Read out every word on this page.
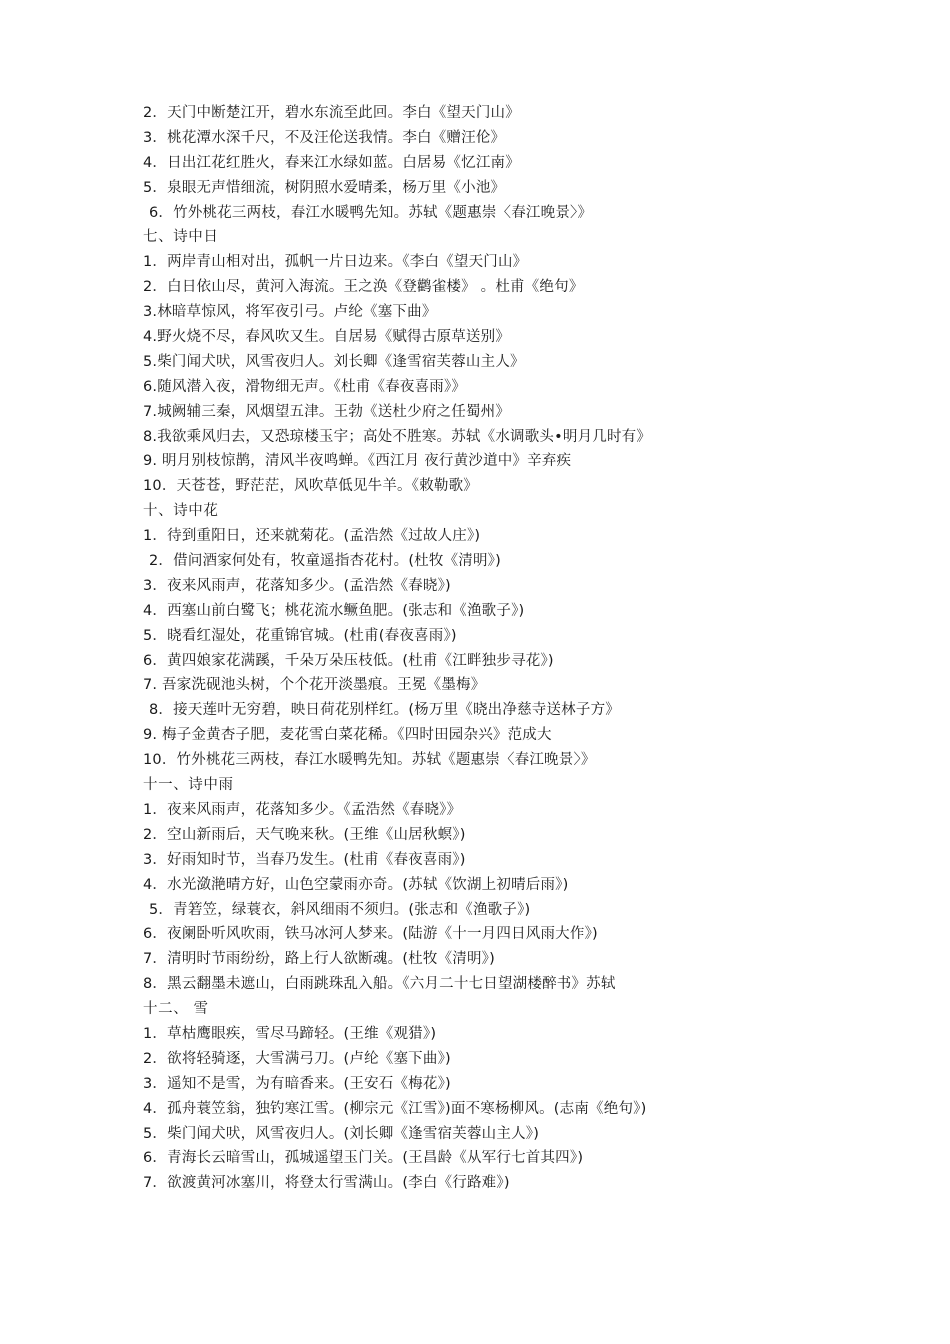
2．天门中断楚江开，碧水东流至此回。李白《望天门山》
3．桃花潭水深千尺，不及汪伦送我情。李白《赠汪伦》
4．日出江花红胜火，春来江水绿如蓝。白居易《忆江南》
5．泉眼无声惜细流，树阴照水爱晴柔，杨万里《小池》
6．竹外桃花三两枝，春江水暖鸭先知。苏轼《题惠崇〈春江晚景〉》
七、诗中日
1．两岸青山相对出，孤帆一片日边来。《李白《望天门山》
2．白日依山尽，黄河入海流。王之涣《登鹳雀楼》 。杜甫《绝句》
3.林暗草惊风，将军夜引弓。卢纶《塞下曲》
4.野火烧不尽，春风吹又生。自居易《赋得古原草送别》
5.柴门闻犬吠，风雪夜归人。刘长卿《逢雪宿芙蓉山主人》
6.随风潜入夜，滑物细无声。《杜甫《春夜喜雨》》
7.城阙辅三秦，风烟望五津。王勃《送杜少府之任蜀州》
8.我欲乘风归去，又恐琼楼玉宇；高处不胜寒。苏轼《水调歌头•明月几时有》
9. 明月别枝惊鹊，清风半夜鸣蝉。《西江月 夜行黄沙道中》辛弃疾
10．天苍苍，野茫茫，风吹草低见牛羊。《敕勒歌》
十、诗中花
1．待到重阳日，还来就菊花。(孟浩然《过故人庄》)
2．借问酒家何处有，牧童遥指杏花村。(杜牧《清明》)
3．夜来风雨声，花落知多少。(孟浩然《春晓》)
4．西塞山前白鹭飞；桃花流水鳜鱼肥。(张志和《渔歌子》)
5．晓看红湿处，花重锦官城。(杜甫(春夜喜雨》)
6．黄四娘家花满蹊，千朵万朵压枝低。(杜甫《江畔独步寻花》)
7. 吾家洗砚池头树，个个花开淡墨痕。王冕《墨梅》
8．接天莲叶无穷碧，映日荷花别样红。(杨万里《晓出净慈寺送林子方》
9. 梅子金黄杏子肥，麦花雪白菜花稀。《四时田园杂兴》范成大
10．竹外桃花三两枝，春江水暖鸭先知。苏轼《题惠崇〈春江晚景〉》
十一、诗中雨
1．夜来风雨声，花落知多少。《孟浩然《春晓》》
2．空山新雨后，天气晚来秋。(王维《山居秋螟》)
3．好雨知时节，当春乃发生。(杜甫《春夜喜雨》)
4．水光潋滟晴方好，山色空蒙雨亦奇。(苏轼《饮湖上初晴后雨》)
5．青箬笠，绿蓑衣，斜风细雨不须归。(张志和《渔歌子》)
6．夜阑卧听风吹雨，铁马冰河人梦来。(陆游《十一月四日风雨大作》)
7．清明时节雨纷纷，路上行人欲断魂。(杜牧《清明》)
8．黑云翻墨未遮山，白雨跳珠乱入船。《六月二十七日望湖楼醉书》苏轼
十二、 雪
1．草枯鹰眼疾，雪尽马蹄轻。(王维《观猎》)
2．欲将轻骑逐，大雪满弓刀。(卢纶《塞下曲》)
3．遥知不是雪，为有暗香来。(王安石《梅花》)
4．孤舟蓑笠翁，独钓寒江雪。(柳宗元《江雪》)面不寒杨柳风。(志南《绝句》)
5．柴门闻犬吠，风雪夜归人。(刘长卿《逢雪宿芙蓉山主人》)
6．青海长云暗雪山，孤城遥望玉门关。(王昌龄《从军行七首其四》)
7．欲渡黄河冰塞川，将登太行雪满山。(李白《行路难》)
